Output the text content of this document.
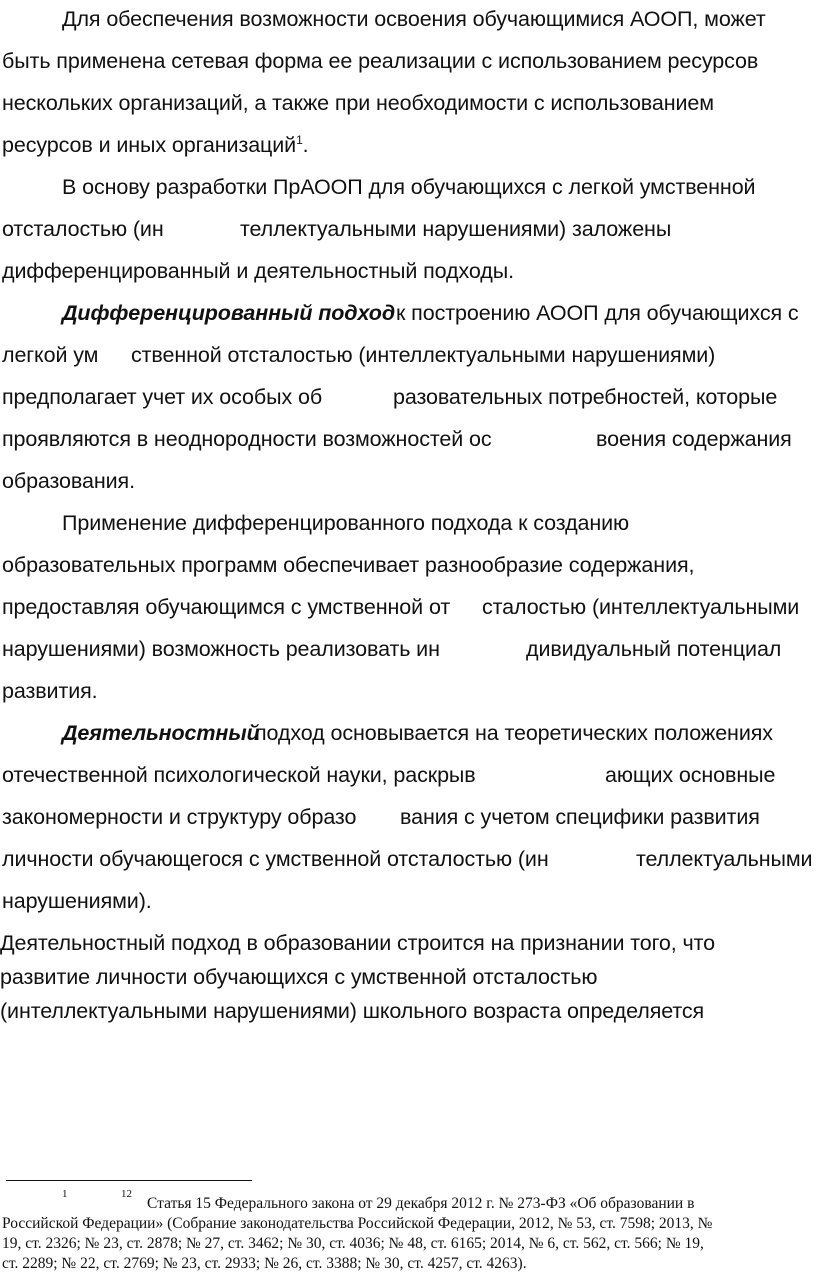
Для обеспечения возможности освоения обучающимися АООП, может
быть применена сетевая форма ее реализации с использованием ресурсов
нескольких организаций, а также при необходимости с использованием
ресурсов и иных организаций$^1$.
В основу разработки ПрАООП для обучающихся с легкой умственной
отсталостью (ин	теллектуальными нарушениями) заложены
дифференцированный и деятельностный подходы.
Дифференцированный подход к построению АООП для обучающихся с
легкой ум ственной отсталостью (интеллектуальными нарушениями)
предполагает учет их особых об	разовательных потребностей, которые
проявляются в неоднородности возможностей ос	воения содержания
образования.
Применение дифференцированного подхода к созданию
образовательных программ обеспечивает разнообразие содержания,
предоставляя обучающимся с умственной от сталостью (интеллектуальными
нарушениями) возможность реализовать ин	дивидуальный потенциал
развития.
Деятельностный
подход основывается на теоретических положениях
отечественной психологической науки, раскрыв	ающих основные
закономерности и структуру образо вания с учетом специфики развития
личности обучающегося с умственной отсталостью (ин	теллектуальными
нарушениями).
Деятельностный подход в образовании строится на признании того, что
развитие личности обучающихся с умственной отсталостью
(интеллектуальными нарушениями) школьного возраста определяется
1	12
Статья 15 Федерального закона от 29 декабря 2012 г. № 273-ФЗ «Об образовании в
Российской Федерации» (Собрание законодательства Российской Федерации, 2012, № 53, ст. 7598; 2013, №
19, ст. 2326; № 23, ст. 2878; № 27, ст. 3462; № 30, ст. 4036; № 48, ст. 6165; 2014, № 6, ст. 562, ст. 566; № 19,
ст. 2289; № 22, ст. 2769; № 23, ст. 2933; № 26, ст. 3388; № 30, ст. 4257, ст. 4263).
